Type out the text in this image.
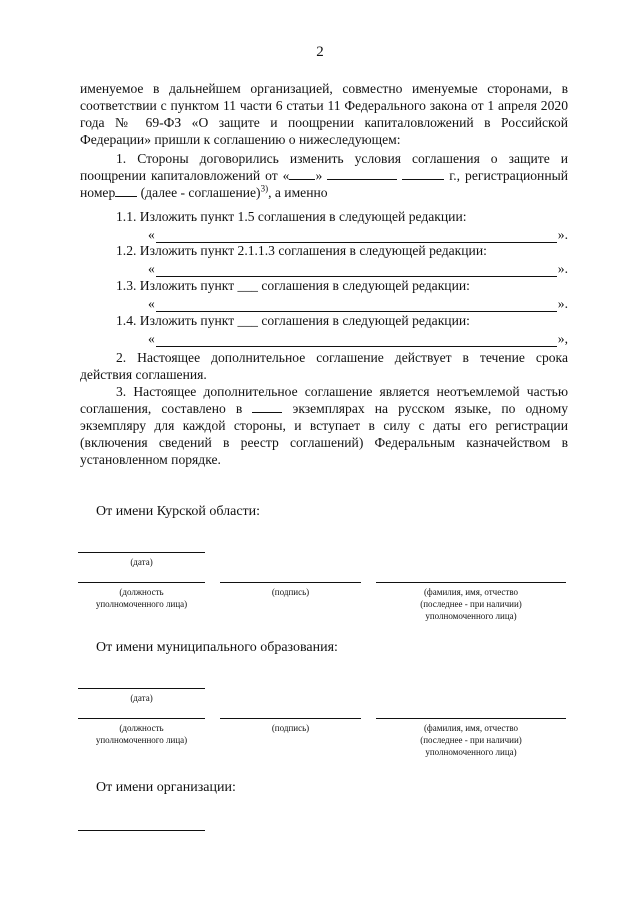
2
именуемое в дальнейшем организацией, совместно именуемые сторонами, в соответствии с пунктом 11 части 6 статьи 11 Федерального закона от 1 апреля 2020 года № 69-ФЗ «О защите и поощрении капиталовложений в Российской Федерации» пришли к соглашению о нижеследующем:
1. Стороны договорились изменить условия соглашения о защите и поощрении капиталовложений от « »	г., регистрационный номер (далее - соглашение)$^{3)}$, а именно
1.1. Изложить пункт 1.5 соглашения в следующей редакции:
«	».
1.2. Изложить пункт 2.1.1.3 соглашения в следующей редакции:
«	».
1.3. Изложить пункт ___ соглашения в следующей редакции:
«	».
1.4. Изложить пункт ___ соглашения в следующей редакции:
«	»,
2. Настоящее дополнительное соглашение действует в течение срока действия соглашения.
3. Настоящее дополнительное соглашение является неотъемлемой частью соглашения, составлено в	экземплярах на русском языке, по одному экземпляру для каждой стороны, и вступает в силу с даты его регистрации (включения сведений в реестр соглашений) Федеральным казначейством в установленном порядке.
От имени Курской области:
(дата)
(должность
уполномоченного лица)
(подпись)	(фамилия, имя, отчество
(последнее - при наличии)
уполномоченного лица)
От имени муниципального образования:
(дата)
(должность
уполномоченного лица)
(подпись)	(фамилия, имя, отчество
(последнее - при наличии)
уполномоченного лица)
От имени организации:
